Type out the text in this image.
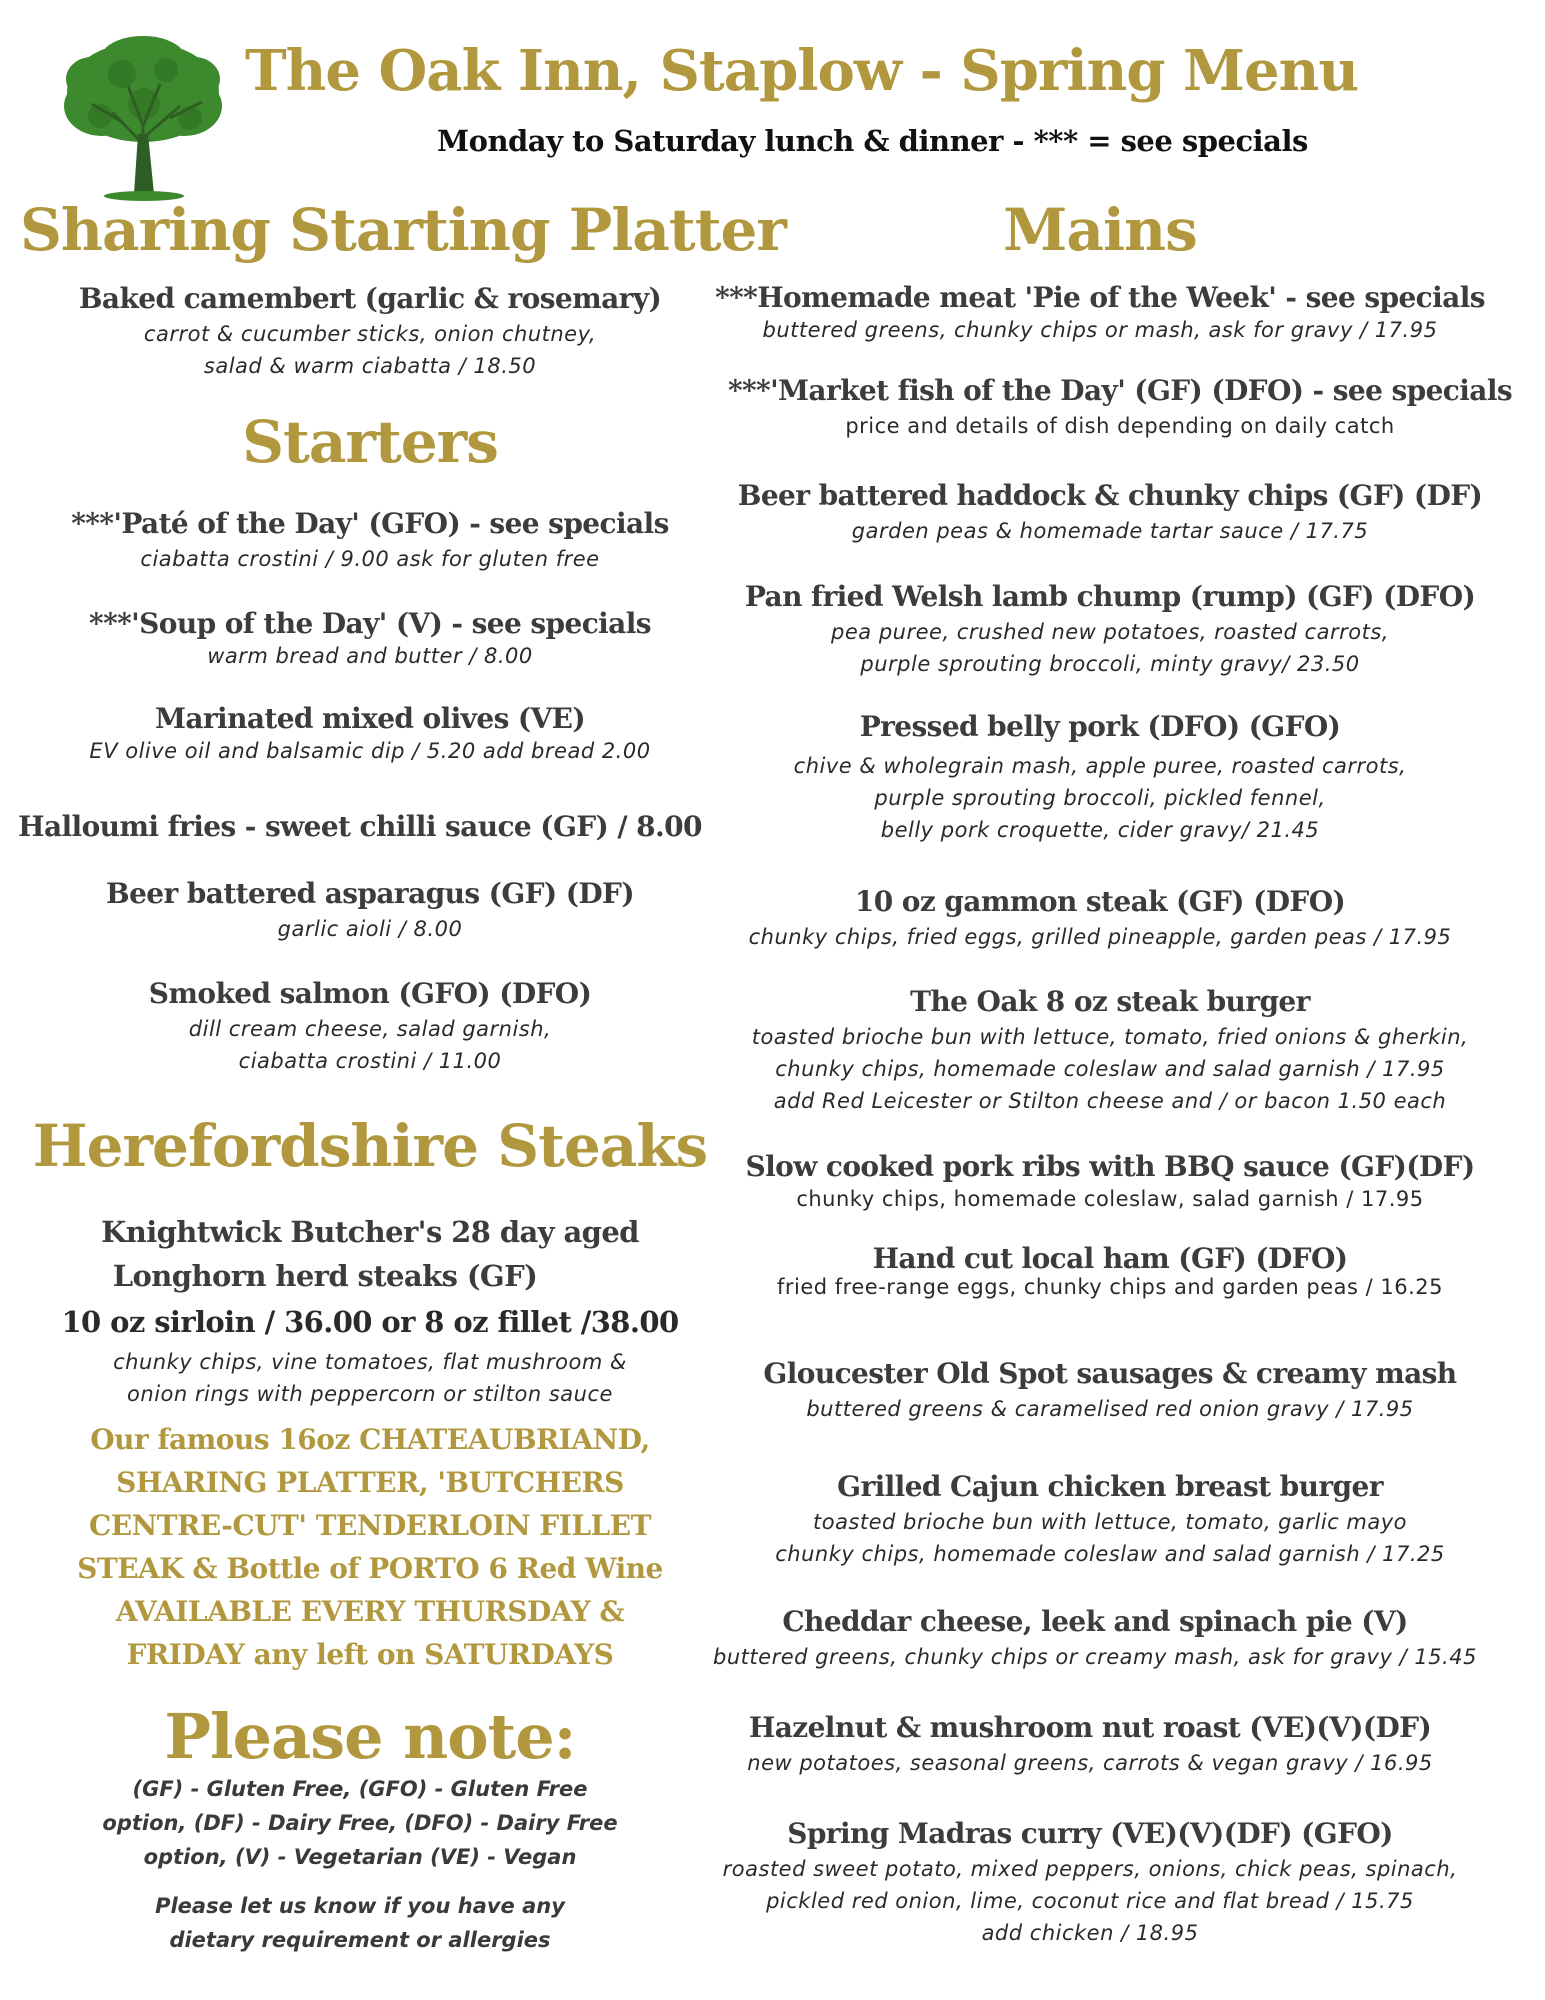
The Oak Inn, Staplow - Spring Menu
Monday to Saturday lunch & dinner - *** = see specials
Sharing Starting Platter
Baked camembert (garlic & rosemary)
carrot & cucumber sticks, onion chutney,
salad & warm ciabatta / 18.50
Starters
***'Paté of the Day' (GFO) - see specials
ciabatta crostini / 9.00 ask for gluten free
***'Soup of the Day' (V) - see specials
warm bread and butter / 8.00
Marinated mixed olives (VE)
EV olive oil and balsamic dip / 5.20 add bread 2.00
Halloumi fries - sweet chilli sauce (GF) / 8.00
Beer battered asparagus (GF) (DF)
garlic aioli / 8.00
Smoked salmon (GFO) (DFO)
dill cream cheese, salad garnish,
ciabatta crostini / 11.00
Herefordshire Steaks
Knightwick Butcher's 28 day aged
Longhorn herd steaks (GF)
10 oz sirloin / 36.00 or 8 oz fillet /38.00
chunky chips, vine tomatoes, flat mushroom &
onion rings with peppercorn or stilton sauce
Our famous 16oz CHATEAUBRIAND,
SHARING PLATTER, 'BUTCHERS
CENTRE-CUT' TENDERLOIN FILLET
STEAK & Bottle of PORTO 6 Red Wine
AVAILABLE EVERY THURSDAY &
FRIDAY any left on SATURDAYS
Please note:
(GF) - Gluten Free, (GFO) - Gluten Free
option, (DF) - Dairy Free, (DFO) - Dairy Free
option, (V) - Vegetarian (VE) - Vegan
Please let us know if you have any
dietary requirement or allergies
Mains
***Homemade meat 'Pie of the Week' - see specials
buttered greens, chunky chips or mash, ask for gravy / 17.95
***'Market fish of the Day' (GF) (DFO) - see specials
price and details of dish depending on daily catch
Beer battered haddock & chunky chips (GF) (DF)
garden peas & homemade tartar sauce / 17.75
Pan fried Welsh lamb chump (rump) (GF) (DFO)
pea puree, crushed new potatoes, roasted carrots,
purple sprouting broccoli, minty gravy/ 23.50
Pressed belly pork (DFO) (GFO)
chive & wholegrain mash, apple puree, roasted carrots,
purple sprouting broccoli, pickled fennel,
belly pork croquette, cider gravy/ 21.45
10 oz gammon steak (GF) (DFO)
chunky chips, fried eggs, grilled pineapple, garden peas / 17.95
The Oak 8 oz steak burger
toasted brioche bun with lettuce, tomato, fried onions & gherkin,
chunky chips, homemade coleslaw and salad garnish / 17.95
add Red Leicester or Stilton cheese and / or bacon 1.50 each
Slow cooked pork ribs with BBQ sauce (GF)(DF)
chunky chips, homemade coleslaw, salad garnish / 17.95
Hand cut local ham (GF) (DFO)
fried free-range eggs, chunky chips and garden peas / 16.25
Gloucester Old Spot sausages & creamy mash
buttered greens & caramelised red onion gravy / 17.95
Grilled Cajun chicken breast burger
toasted brioche bun with lettuce, tomato, garlic mayo
chunky chips, homemade coleslaw and salad garnish / 17.25
Cheddar cheese, leek and spinach pie (V)
buttered greens, chunky chips or creamy mash, ask for gravy / 15.45
Hazelnut & mushroom nut roast (VE)(V)(DF)
new potatoes, seasonal greens, carrots & vegan gravy / 16.95
Spring Madras curry (VE)(V)(DF) (GFO)
roasted sweet potato, mixed peppers, onions, chick peas, spinach,
pickled red onion, lime, coconut rice and flat bread / 15.75
add chicken / 18.95
